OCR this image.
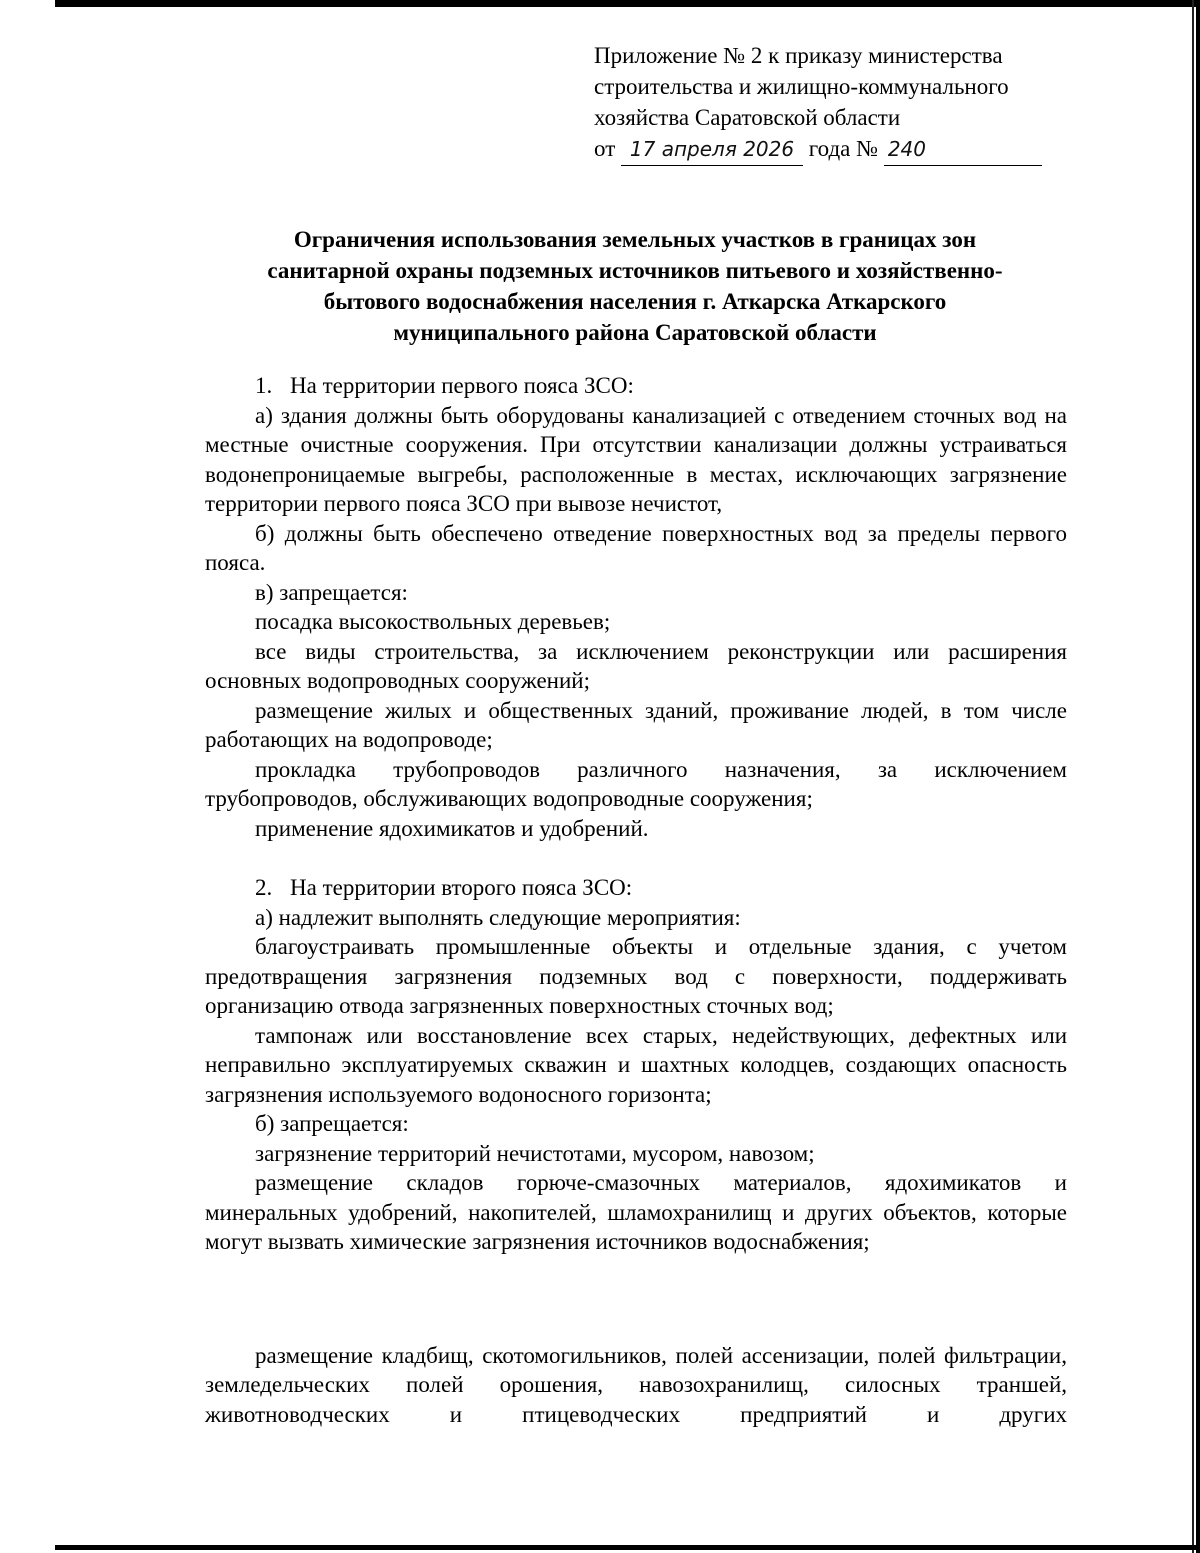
Приложение № 2 к приказу министерства
строительства и жилищно-коммунального
хозяйства Саратовской области
от 17 апреля 2026 года № 240
Ограничения использования земельных участков в границах зон
санитарной охраны подземных источников питьевого и хозяйственно-
бытового водоснабжения населения г. Аткарска Аткарского
муниципального района Саратовской области

1. На территории первого пояса ЗСО:

а) здания должны быть оборудованы канализацией с отведением сточных вод на местные очистные сооружения. При отсутствии канализации должны устраиваться водонепроницаемые выгребы, расположенные в местах, исключающих загрязнение территории первого пояса ЗСО при вывозе нечистот,

б) должны быть обеспечено отведение поверхностных вод за пределы первого пояса.

в) запрещается:

посадка высокоствольных деревьев;

все виды строительства, за исключением реконструкции или расширения основных водопроводных сооружений;

размещение жилых и общественных зданий, проживание людей, в том числе работающих на водопроводе;

прокладка трубопроводов различного назначения, за исключением трубопроводов, обслуживающих водопроводные сооружения;

применение ядохимикатов и удобрений.

2. На территории второго пояса ЗСО:

а) надлежит выполнять следующие мероприятия:

благоустраивать промышленные объекты и отдельные здания, с учетом предотвращения загрязнения подземных вод с поверхности, поддерживать организацию отвода загрязненных поверхностных сточных вод;

тампонаж или восстановление всех старых, недействующих, дефектных или неправильно эксплуатируемых скважин и шахтных колодцев, создающих опасность загрязнения используемого водоносного горизонта;

б) запрещается:

загрязнение территорий нечистотами, мусором, навозом;

размещение складов горюче-смазочных материалов, ядохимикатов и минеральных удобрений, накопителей, шламохранилищ и других объектов, которые могут вызвать химические загрязнения источников водоснабжения;

размещение кладбищ, скотомогильников, полей ассенизации, полей фильтрации, земледельческих полей орошения, навозохранилищ, силосных траншей, животноводческих и птицеводческих предприятий и других
